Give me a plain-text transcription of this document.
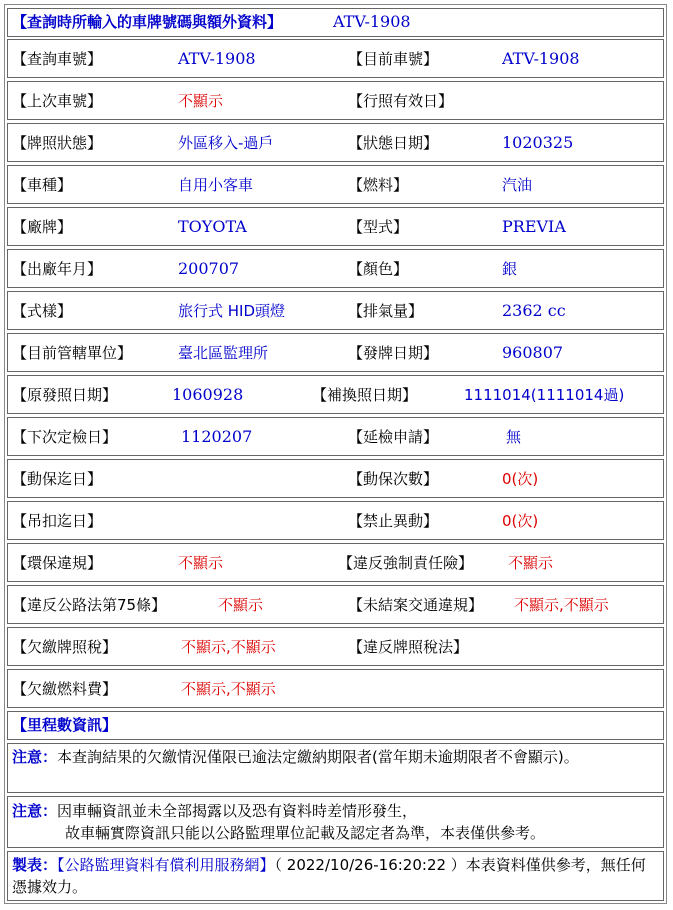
【查詢時所輸入的車牌號碼與額外資料】	ATV-1908
【查詢車號】	ATV-1908	【目前車號】	ATV-1908
【上次車號】	不顯示	【行照有效日】
【牌照狀態】	外區移入-過戶	【狀態日期】	1020325
【車種】	自用小客車	【燃料】	汽油
【廠牌】	TOYOTA	【型式】	PREVIA
【出廠年月】	200707	【顏色】	銀
【式樣】	旅行式 HID頭燈	【排氣量】	2362 cc
【目前管轄單位】	臺北區監理所	【發牌日期】	960807
【原發照日期】	1060928	【補換照日期】	1111014(1111014過)
【下次定檢日】	1120207	【延檢申請】	無
【動保迄日】	【動保次數】	0(次)
【吊扣迄日】	【禁止異動】	0(次)
【環保違規】	不顯示	【違反強制責任險】 不顯示
【違反公路法第75條】	不顯示	【未結案交通違規】 不顯示,不顯示
【欠繳牌照稅】	不顯示,不顯示	【違反牌照稅法】
【欠繳燃料費】	不顯示,不顯示
【里程數資訊】
注意：本查詢結果的欠繳情況僅限已逾法定繳納期限者(當年期未逾期限者不會顯示)。
注意：因車輛資訊並未全部揭露以及恐有資料時差情形發生，
故車輛實際資訊只能以公路監理單位記載及認定者為準，本表僅供參考。
製表：【公路監理資料有償利用服務網】（ 2022/10/26-16:20:22 ）本表資料僅供參考，無任何憑據效力。
